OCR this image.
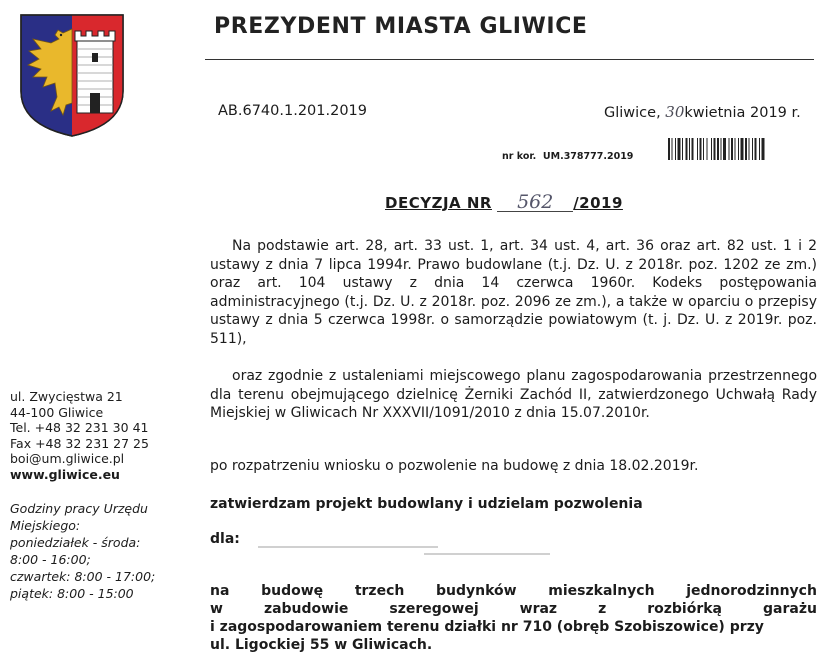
PREZYDENT MIASTA GLIWICE
AB.6740.1.201.2019	Gliwice, 30kwietnia 2019 r.
nr kor. UM.378777.2019
DECYZJA NR 562 /2019
Na podstawie art. 28, art. 33 ust. 1, art. 34 ust. 4, art. 36 oraz art. 82 ust. 1 i 2 ustawy z dnia 7 lipca 1994r. Prawo budowlane (t.j. Dz. U. z 2018r. poz. 1202 ze zm.) oraz art. 104 ustawy z dnia 14 czerwca 1960r. Kodeks postępowania administracyjnego (t.j. Dz. U. z 2018r. poz. 2096 ze zm.), a także w oparciu o przepisy ustawy z dnia 5 czerwca 1998r. o samorządzie powiatowym (t. j. Dz. U. z 2019r. poz. 511),
oraz zgodnie z ustaleniami miejscowego planu zagospodarowania przestrzennego dla terenu obejmującego dzielnicę Żerniki Zachód II, zatwierdzonego Uchwałą Rady Miejskiej w Gliwicach Nr XXXVII/1091/2010 z dnia 15.07.2010r.
po rozpatrzeniu wniosku o pozwolenie na budowę z dnia 18.02.2019r.
zatwierdzam projekt budowlany i udzielam pozwolenia
dla:
na budowę trzech budynków mieszkalnych jednorodzinnych
w	zabudowie	szeregowej	wraz	z	rozbiórką	garażu
i zagospodarowaniem terenu działki nr 710 (obręb Szobiszowice) przy
ul. Ligockiej 55 w Gliwicach.
ul. Zwycięstwa 21
44-100 Gliwice
Tel. +48 32 231 30 41
Fax +48 32 231 27 25
boi@um.gliwice.pl
www.gliwice.eu
Godziny pracy Urzędu
Miejskiego:
poniedziałek - środa:
8:00 - 16:00;
czwartek: 8:00 - 17:00;
piątek: 8:00 - 15:00
